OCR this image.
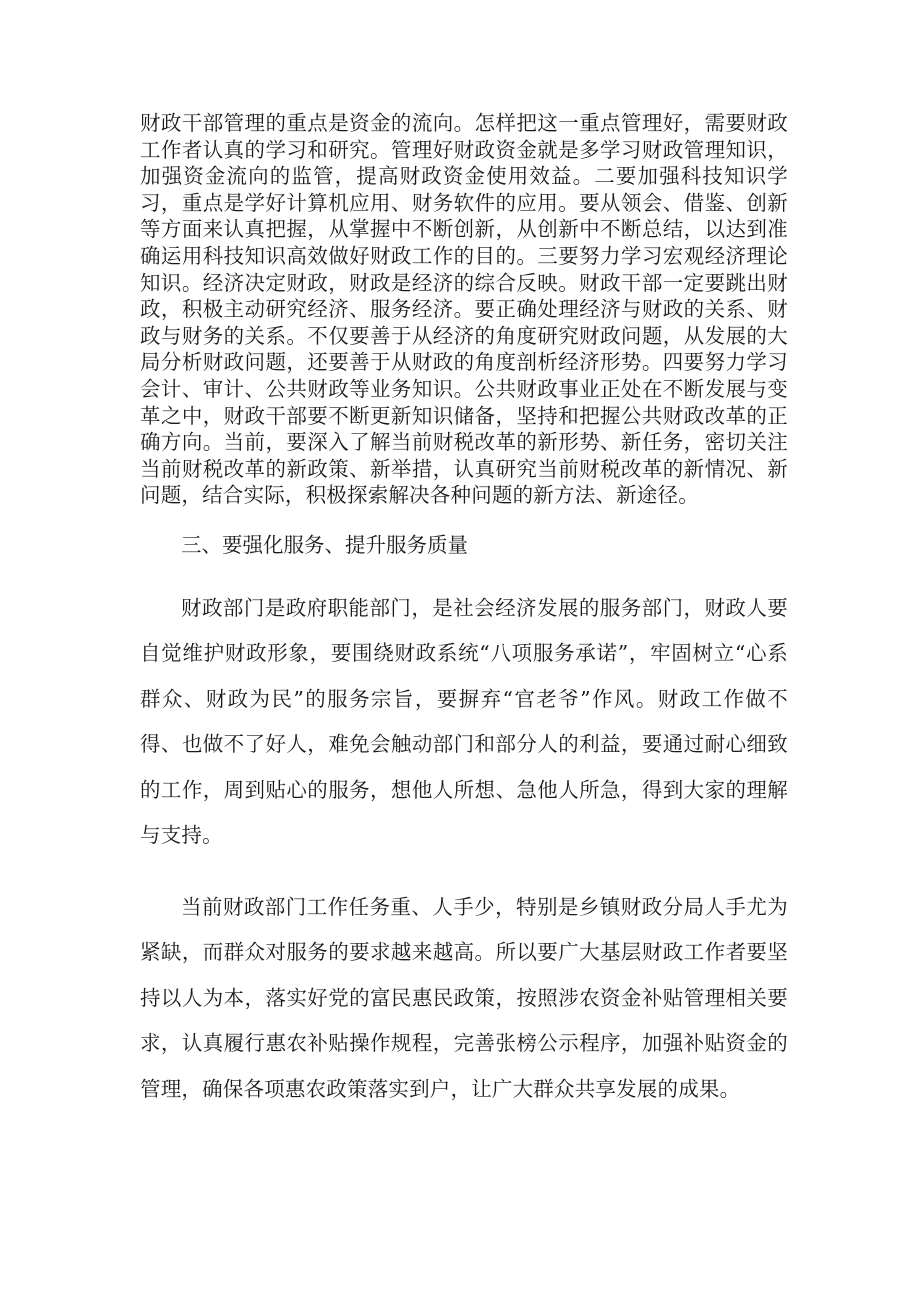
财政干部管理的重点是资金的流向。怎样把这一重点管理好，需要财政工作者认真的学习和研究。管理好财政资金就是多学习财政管理知识，加强资金流向的监管，提高财政资金使用效益。二要加强科技知识学习，重点是学好计算机应用、财务软件的应用。要从领会、借鉴、创新等方面来认真把握，从掌握中不断创新，从创新中不断总结，以达到准确运用科技知识高效做好财政工作的目的。三要努力学习宏观经济理论知识。经济决定财政，财政是经济的综合反映。财政干部一定要跳出财政，积极主动研究经济、服务经济。要正确处理经济与财政的关系、财政与财务的关系。不仅要善于从经济的角度研究财政问题，从发展的大局分析财政问题，还要善于从财政的角度剖析经济形势。四要努力学习会计、审计、公共财政等业务知识。公共财政事业正处在不断发展与变革之中，财政干部要不断更新知识储备，坚持和把握公共财政改革的正确方向。当前，要深入了解当前财税改革的新形势、新任务，密切关注当前财税改革的新政策、新举措，认真研究当前财税改革的新情况、新问题，结合实际，积极探索解决各种问题的新方法、新途径。

三、要强化服务、提升服务质量

财政部门是政府职能部门，是社会经济发展的服务部门，财政人要自觉维护财政形象，要围绕财政系统“八项服务承诺”，牢固树立“心系群众、财政为民”的服务宗旨，要摒弃“官老爷”作风。财政工作做不得、也做不了好人，难免会触动部门和部分人的利益，要通过耐心细致的工作，周到贴心的服务，想他人所想、急他人所急，得到大家的理解与支持。

当前财政部门工作任务重、人手少，特别是乡镇财政分局人手尤为紧缺，而群众对服务的要求越来越高。所以要广大基层财政工作者要坚持以人为本，落实好党的富民惠民政策，按照涉农资金补贴管理相关要求，认真履行惠农补贴操作规程，完善张榜公示程序，加强补贴资金的管理，确保各项惠农政策落实到户，让广大群众共享发展的成果。
